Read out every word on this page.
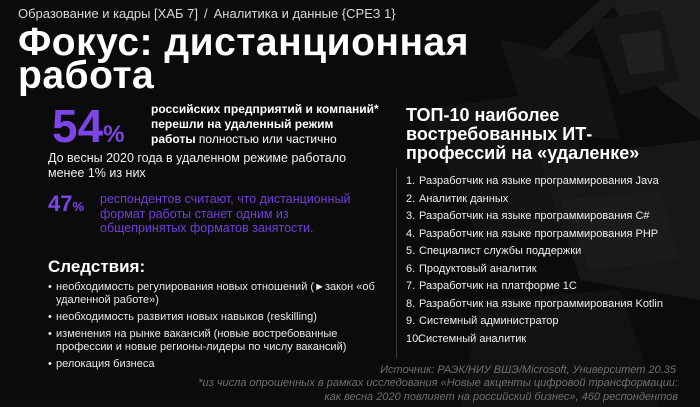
Образование и кадры [ХАБ 7] / Аналитика и данные {СРЕЗ 1}
Фокус: дистанционная
работа
54%
российских предприятий и компаний*
перешли на удаленный режим
работы полностью или частично
До весны 2020 года в удаленном режиме работало менее 1% из них
47% респондентов считают, что дистанционный формат работы станет одним из общепринятых форматов занятости.
Следствия:
• необходимость регулирования новых отношений (►закон «об удаленной работе»)
• необходимость развития новых навыков (reskilling)
• изменения на рынке вакансий (новые востребованные профессии и новые регионы-лидеры по числу вакансий)
• релокация бизнеса
ТОП-10 наиболее востребованных ИТ-профессий на «удаленке»
1. Разработчик на языке программирования Java
2. Аналитик данных
3. Разработчик на языке программирования С#
4. Разработчик на языке программирования PHP
5. Специалист службы поддержки
6. Продуктовый аналитик
7. Разработчик на платформе 1С
8. Разработчик на языке программирования Kotlin
9. Системный администратор
10.
Системный аналитик
Источник: РАЭК/НИУ ВШЭ/Microsoft, Университет 20.35
*из числа опрошенных в рамках исследования «Новые акценты цифровой трансформации: как весна 2020 повлияет на российский бизнес», 460 респондентов
